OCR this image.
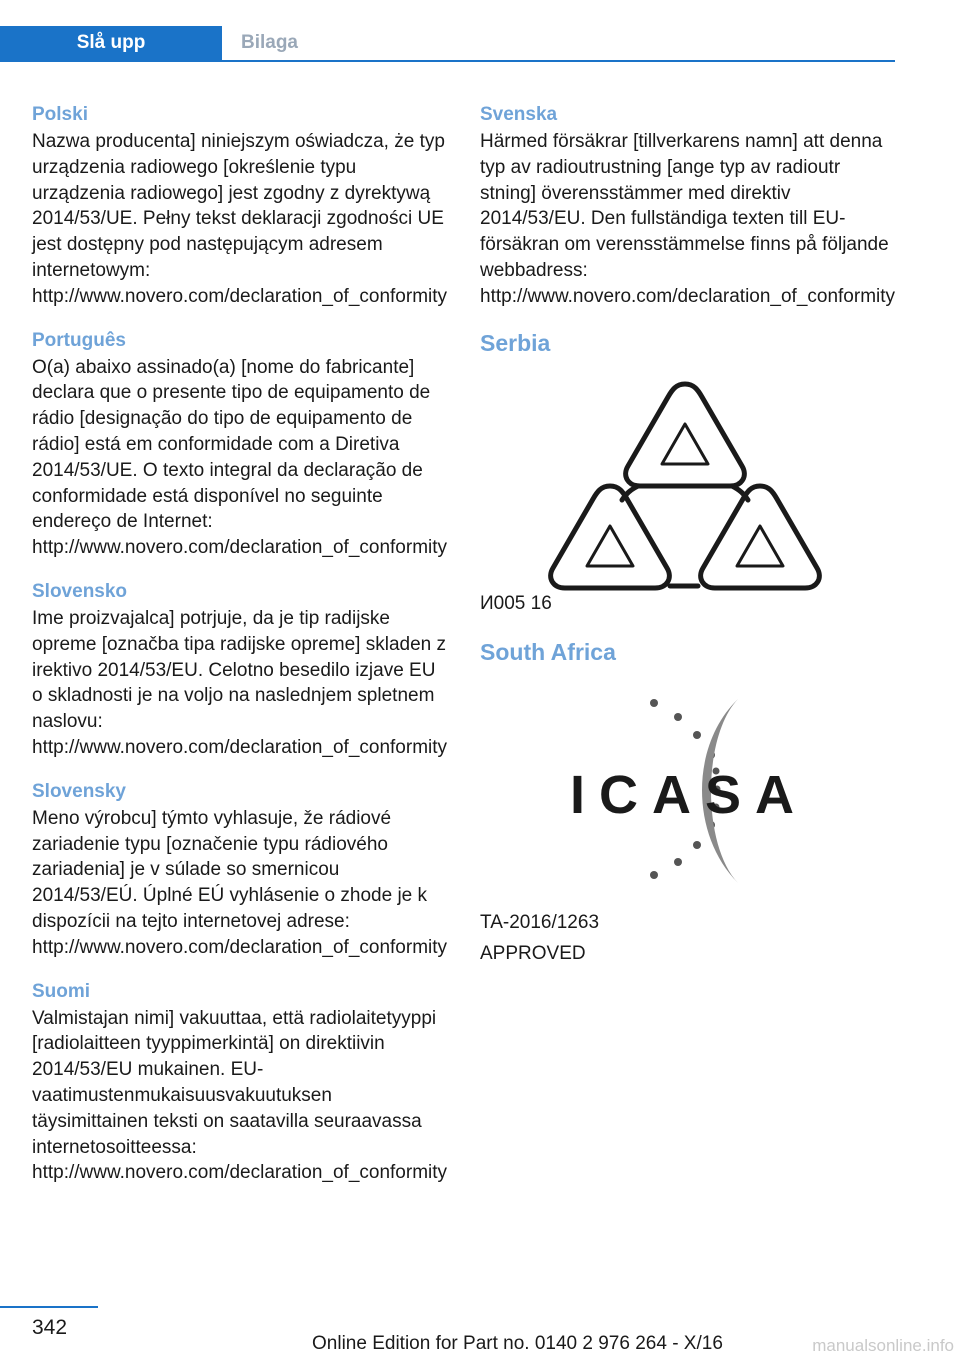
Slå upp	Bilaga
Polski

Nazwa producenta] niniejszym oświadcza, że typ urządzenia radiowego [określenie typu urządzenia radiowego] jest zgodny z dyrektywą 2014/53/UE. Pełny tekst deklaracji zgodności UE jest dostępny pod następującym adresem internetowym: http://www.novero.com/declaration_of_conformity

Português

O(a) abaixo assinado(a) [nome do fabricante] declara que o presente tipo de equipamento de rádio [designação do tipo de equipamento de rádio] está em conformidade com a Diretiva 2014/53/UE. O texto integral da declaração de conformidade está disponível no seguinte endereço de Internet: http://www.novero.com/declaration_of_conformity

Slovensko

Ime proizvajalca] potrjuje, da je tip radijske opreme [označba tipa radijske opreme] skladen z irektivo 2014/53/EU. Celotno besedilo izjave EU o skladnosti je na voljo na naslednjem spletnem naslovu: http://www.novero.com/declaration_of_conformity

Slovensky

Meno výrobcu] týmto vyhlasuje, že rádiové zariadenie typu [označenie typu rádiového zariadenia] je v súlade so smernicou 2014/53/EÚ. Úplné EÚ vyhlásenie o zhode je k dispozícii na tejto internetovej adrese: http://www.novero.com/declaration_of_conformity

Suomi

Valmistajan nimi] vakuuttaa, että radiolaitetyyppi [radiolaitteen tyyppimerkintä] on direktiivin 2014/53/EU mukainen. EU-vaatimustenmukaisuusvakuutuksen täysimittainen teksti on saatavilla seuraavassa internetosoitteessa: http://www.novero.com/declaration_of_conformity

Svenska

Härmed försäkrar [tillverkarens namn] att denna typ av radioutrustning [ange typ av radioutr stning] överensstämmer med direktiv 2014/53/EU. Den fullständiga texten till EU-försäkran om verensstämmelse finns på följande webbadress: http://www.novero.com/declaration_of_conformity

Serbia

И005 16

South Africa
ICASA

TA-2016/1263

APPROVED

342
Online Edition for Part no. 0140 2 976 264 - X/16	manualsonline.info
